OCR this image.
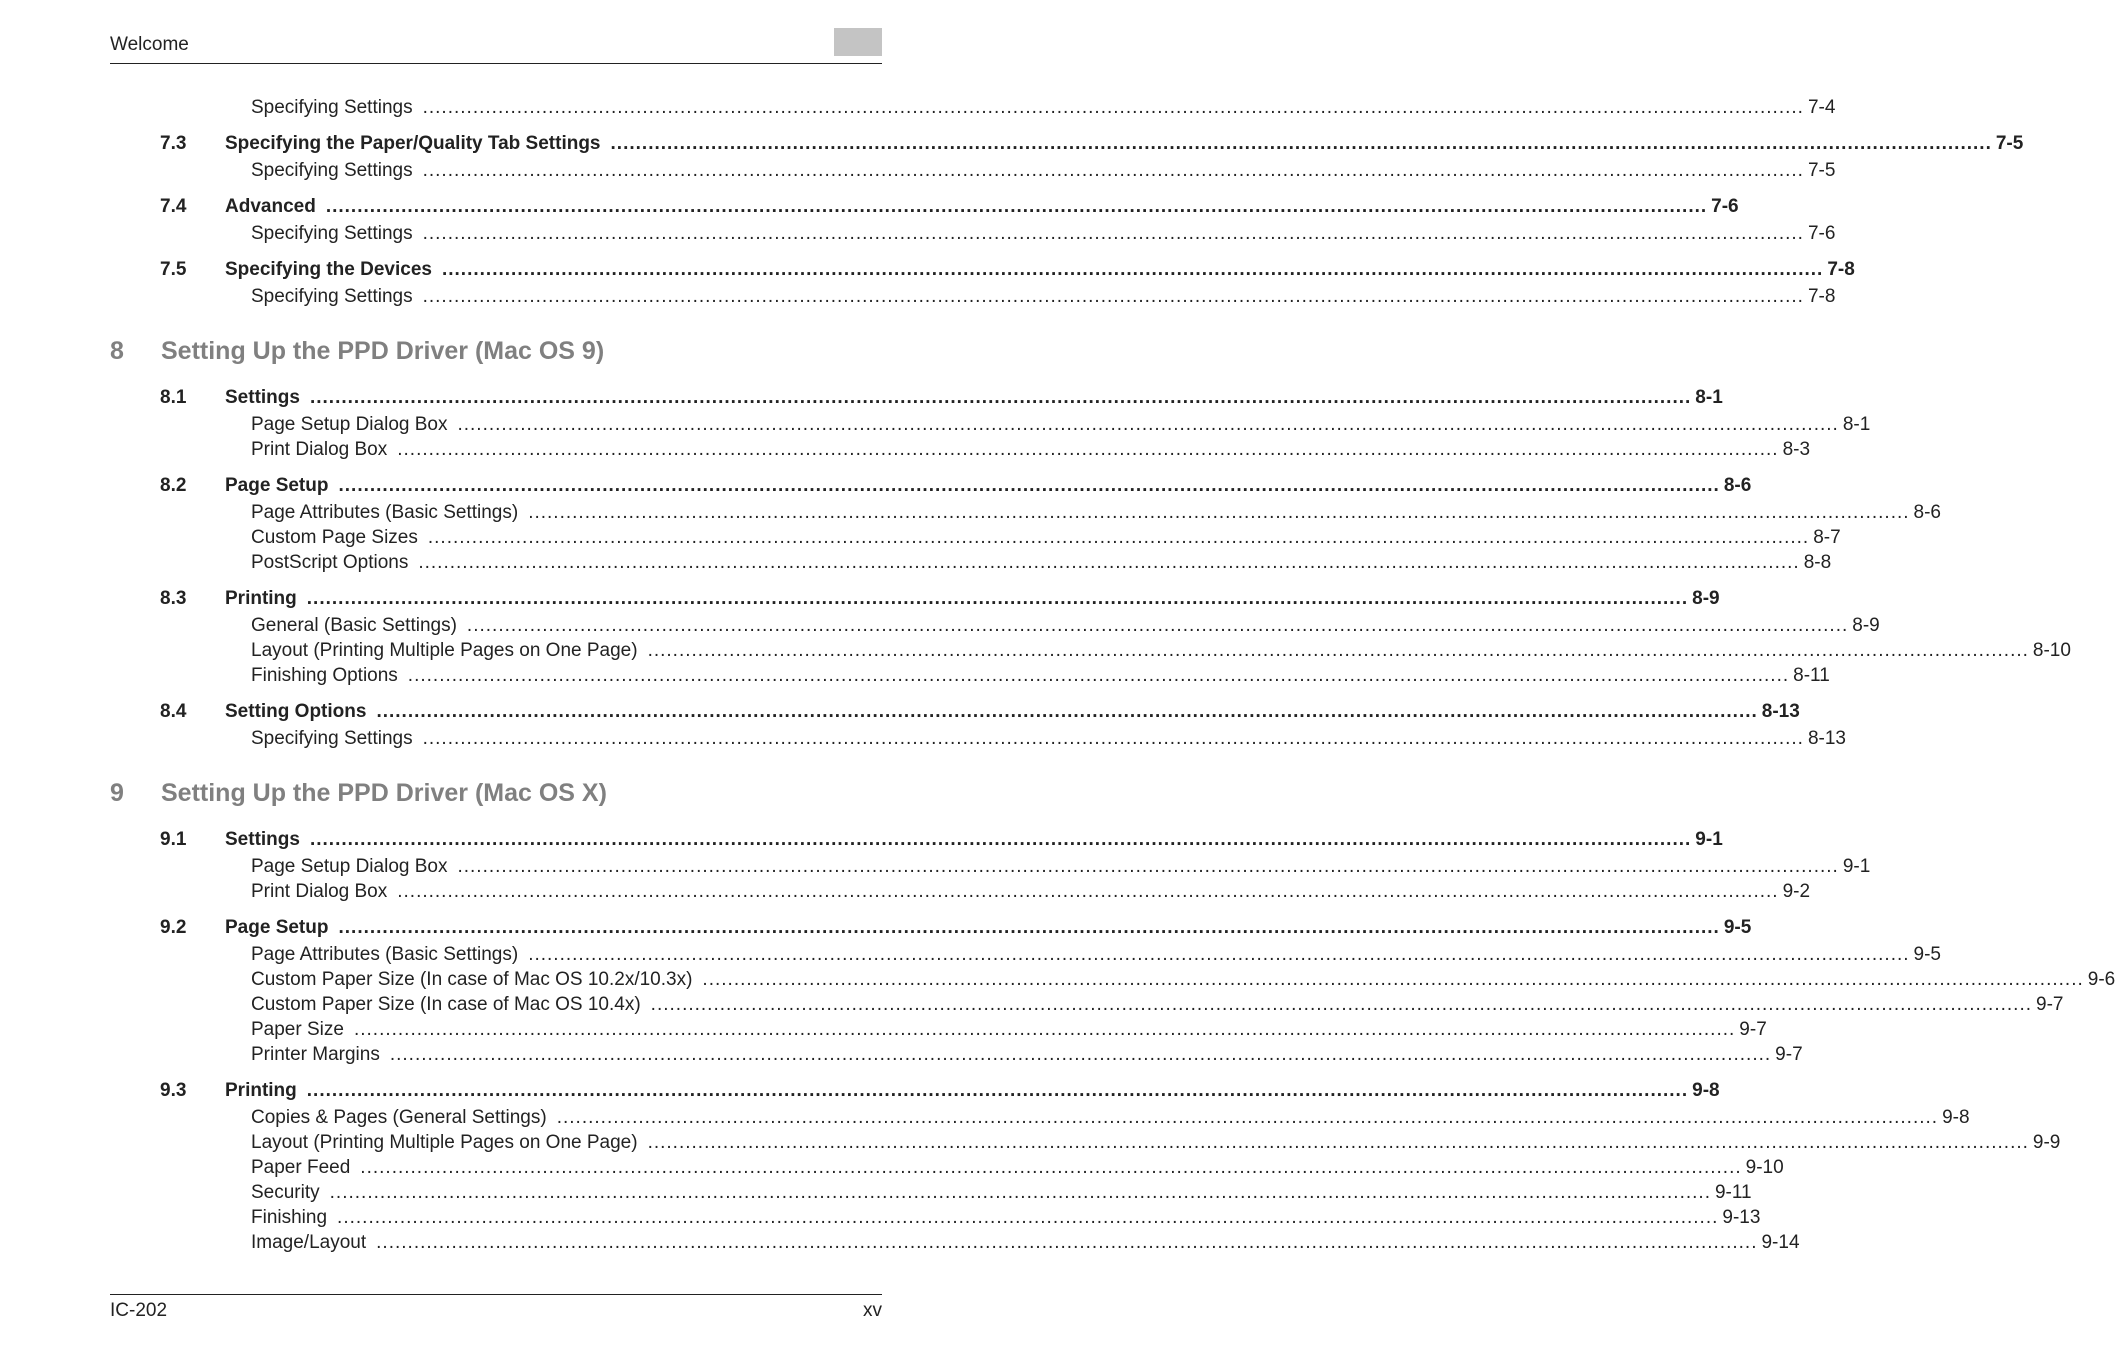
Welcome
Specifying Settings ............................................................................................................................................................................................................................ 7-4
7.3 Specifying the Paper/Quality Tab Settings ............................................................................................................................................................................................................................ 7-5
Specifying Settings ............................................................................................................................................................................................................................ 7-5
7.4 Advanced ............................................................................................................................................................................................................................ 7-6
Specifying Settings ............................................................................................................................................................................................................................ 7-6
7.5 Specifying the Devices ............................................................................................................................................................................................................................ 7-8
Specifying Settings ............................................................................................................................................................................................................................ 7-8
8 Setting Up the PPD Driver (Mac OS 9)
8.1 Settings ............................................................................................................................................................................................................................ 8-1
Page Setup Dialog Box ............................................................................................................................................................................................................................ 8-1
Print Dialog Box ............................................................................................................................................................................................................................ 8-3
8.2 Page Setup ............................................................................................................................................................................................................................ 8-6
Page Attributes (Basic Settings) ............................................................................................................................................................................................................................ 8-6
Custom Page Sizes ............................................................................................................................................................................................................................ 8-7
PostScript Options ............................................................................................................................................................................................................................ 8-8
8.3 Printing ............................................................................................................................................................................................................................ 8-9
General (Basic Settings) ............................................................................................................................................................................................................................ 8-9
Layout (Printing Multiple Pages on One Page) ............................................................................................................................................................................................................................ 8-10
Finishing Options ............................................................................................................................................................................................................................ 8-11
8.4 Setting Options ............................................................................................................................................................................................................................ 8-13
Specifying Settings ............................................................................................................................................................................................................................ 8-13
9 Setting Up the PPD Driver (Mac OS X)
9.1 Settings ............................................................................................................................................................................................................................ 9-1
Page Setup Dialog Box ............................................................................................................................................................................................................................ 9-1
Print Dialog Box ............................................................................................................................................................................................................................ 9-2
9.2 Page Setup ............................................................................................................................................................................................................................ 9-5
Page Attributes (Basic Settings) ............................................................................................................................................................................................................................ 9-5
Custom Paper Size (In case of Mac OS 10.2x/10.3x) ............................................................................................................................................................................................................................ 9-6
Custom Paper Size (In case of Mac OS 10.4x) ............................................................................................................................................................................................................................ 9-7
Paper Size ............................................................................................................................................................................................................................ 9-7
Printer Margins ............................................................................................................................................................................................................................ 9-7
9.3 Printing ............................................................................................................................................................................................................................ 9-8
Copies & Pages (General Settings) ............................................................................................................................................................................................................................ 9-8
Layout (Printing Multiple Pages on One Page) ............................................................................................................................................................................................................................ 9-9
Paper Feed ............................................................................................................................................................................................................................ 9-10
Security ............................................................................................................................................................................................................................ 9-11
Finishing ............................................................................................................................................................................................................................ 9-13
Image/Layout ............................................................................................................................................................................................................................ 9-14
IC-202	xv
